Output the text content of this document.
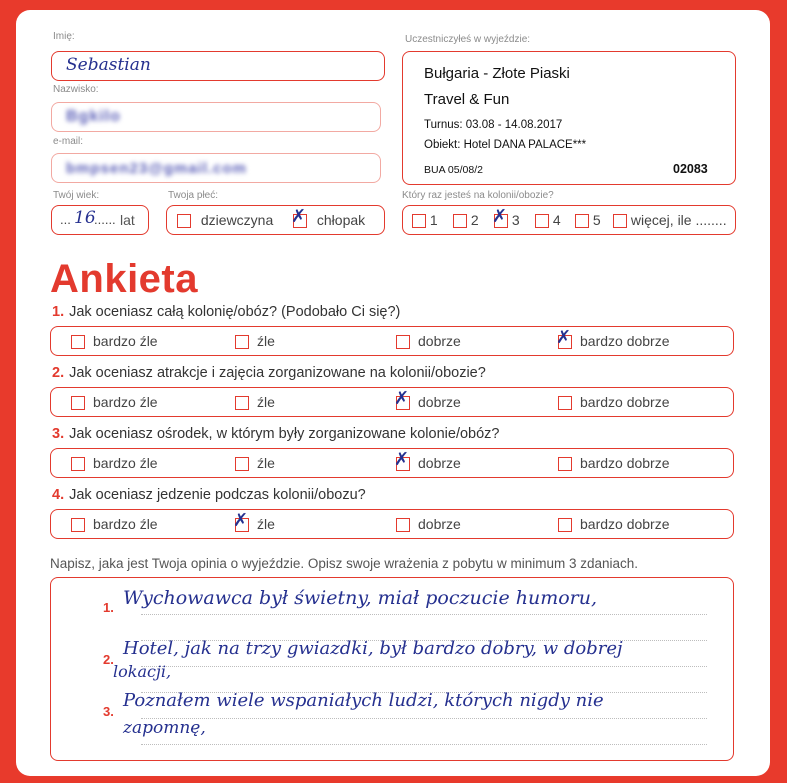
Imię:
Sebastian
Nazwisko:
Bgkilo
e-mail:
bmpsen23@gmail.com
Twój wiek:
... 16
...... lat
Twoja płeć:
dziewczyna ✗ chłopak
Uczestniczyłeś w wyjeździe:
Bułgaria - Złote Piaski
Travel & Fun
Turnus: 03.08 - 14.08.2017
Obiekt: Hotel DANA PALACE***
BUA 05/08/2	02083
Który raz jesteś na kolonii/obozie?
1	2 ✗ 3	4	5	więcej, ile ........
Ankieta
1. Jak oceniasz całą kolonię/obóz? (Podobało Ci się?)
bardzo źle	źle	dobrze	✗ bardzo dobrze
2. Jak oceniasz atrakcje i zajęcia zorganizowane na kolonii/obozie?
bardzo źle	źle	✗ dobrze	bardzo dobrze
3. Jak oceniasz ośrodek, w którym były zorganizowane kolonie/obóz?
bardzo źle	źle	✗ dobrze	bardzo dobrze
4. Jak oceniasz jedzenie podczas kolonii/obozu?
bardzo źle	✗ źle	dobrze	bardzo dobrze
Napisz, jaka jest Twoja opinia o wyjeździe. Opisz swoje wrażenia z pobytu w minimum 3 zdaniach.
1.
2.
3.
Wychowawca był świetny, miał poczucie humoru,
Hotel, jak na trzy gwiazdki, był bardzo dobry, w dobrej
lokacji,
Poznałem wiele wspaniałych ludzi, których nigdy nie
zapomnę,
